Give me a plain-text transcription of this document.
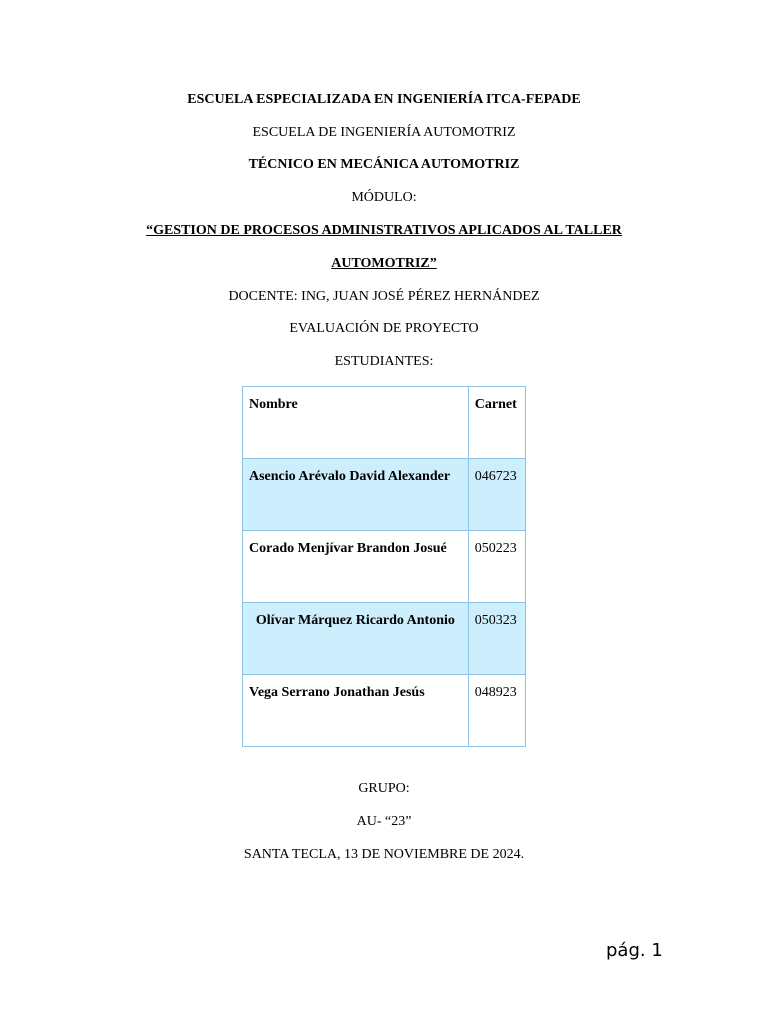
ESCUELA ESPECIALIZADA EN INGENIERÍA ITCA-FEPADE
ESCUELA DE INGENIERÍA AUTOMOTRIZ
TÉCNICO EN MECÁNICA AUTOMOTRIZ
MÓDULO:
“GESTION DE PROCESOS ADMINISTRATIVOS APLICADOS AL TALLER
AUTOMOTRIZ”
DOCENTE: ING, JUAN JOSÉ PÉREZ HERNÁNDEZ
EVALUACIÓN DE PROYECTO
ESTUDIANTES:
Nombre	Carnet
Asencio Arévalo David Alexander	046723
Corado Menjívar Brandon Josué	050223
Olívar Márquez Ricardo Antonio	050323
Vega Serrano Jonathan Jesús	048923
GRUPO:
AU- “23”
SANTA TECLA, 13 DE NOVIEMBRE DE 2024.
pág. 1
